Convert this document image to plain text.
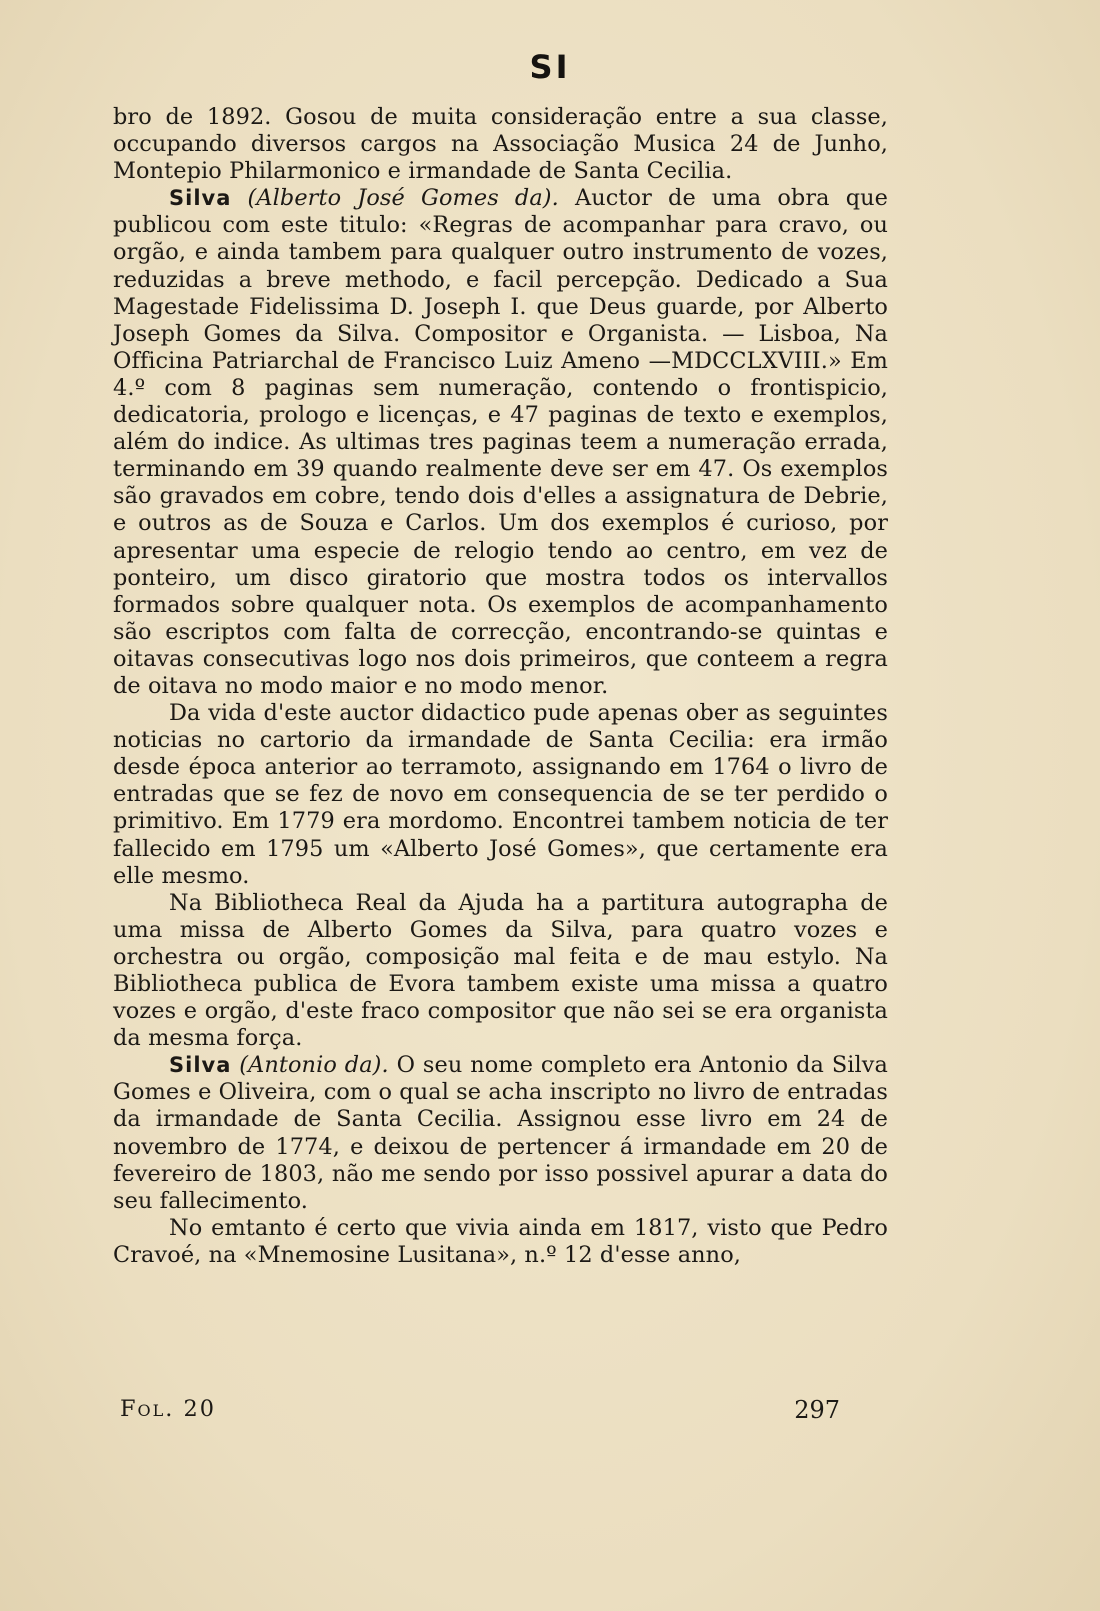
SI

bro de 1892. Gosou de muita consideração entre a sua classe, occupando diversos cargos na Associação Musica 24 de Junho, Montepio Philarmonico e irmandade de Santa Cecilia.

Silva (Alberto José Gomes da). Auctor de uma obra que publicou com este titulo: «Regras de acompanhar para cravo, ou orgão, e ainda tambem para qualquer outro instrumento de vozes, reduzidas a breve methodo, e facil percepção. Dedicado a Sua Magestade Fidelissima D. Joseph I. que Deus guarde, por Alberto Joseph Gomes da Silva. Compositor e Organista. — Lisboa, Na Officina Patriarchal de Francisco Luiz Ameno —MDCCLXVIII.» Em 4.º com 8 paginas sem numeração, contendo o frontispicio, dedicatoria, prologo e licenças, e 47 paginas de texto e exemplos, além do indice. As ultimas tres paginas teem a numeração errada, terminando em 39 quando realmente deve ser em 47. Os exemplos são gravados em cobre, tendo dois d'elles a assignatura de Debrie, e outros as de Souza e Carlos. Um dos exemplos é curioso, por apresentar uma especie de relogio tendo ao centro, em vez de ponteiro, um disco giratorio que mostra todos os intervallos formados sobre qualquer nota. Os exemplos de acompanhamento são escriptos com falta de correcção, encontrando-se quintas e oitavas consecutivas logo nos dois primeiros, que conteem a regra de oitava no modo maior e no modo menor.

Da vida d'este auctor didactico pude apenas ober as seguintes noticias no cartorio da irmandade de Santa Cecilia: era irmão desde época anterior ao terramoto, assignando em 1764 o livro de entradas que se fez de novo em consequencia de se ter perdido o primitivo. Em 1779 era mordomo. Encontrei tambem noticia de ter fallecido em 1795 um «Alberto José Gomes», que certamente era elle mesmo.

Na Bibliotheca Real da Ajuda ha a partitura autographa de uma missa de Alberto Gomes da Silva, para quatro vozes e orchestra ou orgão, composição mal feita e de mau estylo. Na Bibliotheca publica de Evora tambem existe uma missa a quatro vozes e orgão, d'este fraco compositor que não sei se era organista da mesma força.

Silva (Antonio da). O seu nome completo era Antonio da Silva Gomes e Oliveira, com o qual se acha inscripto no livro de entradas da irmandade de Santa Cecilia. Assignou esse livro em 24 de novembro de 1774, e deixou de pertencer á irmandade em 20 de fevereiro de 1803, não me sendo por isso possivel apurar a data do seu fallecimento.

No emtanto é certo que vivia ainda em 1817, visto que Pedro Cravoé, na «Mnemosine Lusitana», n.º 12 d'esse anno,

Fol. 20	297
